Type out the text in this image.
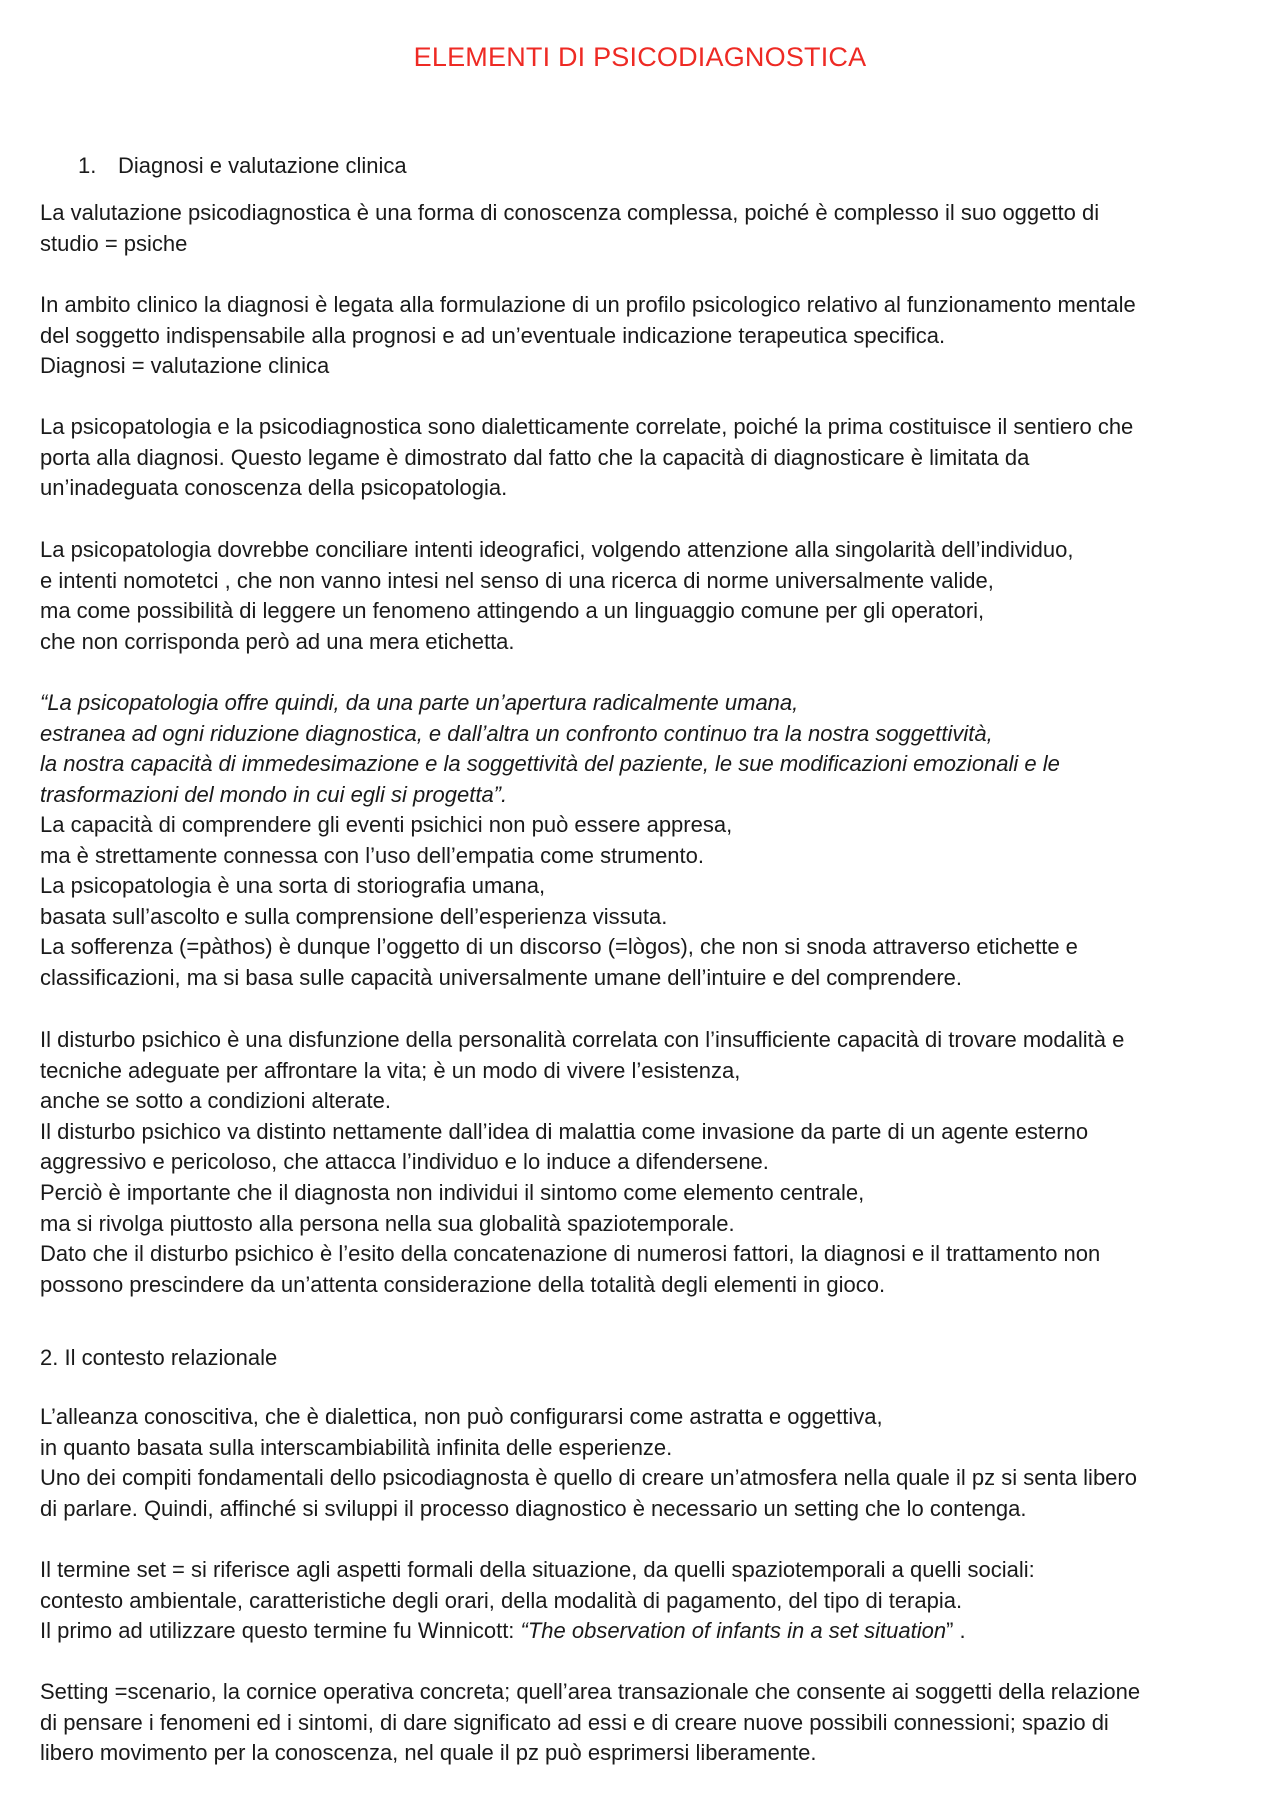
ELEMENTI DI PSICODIAGNOSTICA
1. Diagnosi e valutazione clinica
La valutazione psicodiagnostica è una forma di conoscenza complessa, poiché è complesso il suo oggetto di
studio = psiche
In ambito clinico la diagnosi è legata alla formulazione di un profilo psicologico relativo al funzionamento mentale
del soggetto indispensabile alla prognosi e ad un’eventuale indicazione terapeutica specifica.
Diagnosi = valutazione clinica
La psicopatologia e la psicodiagnostica sono dialetticamente correlate, poiché la prima costituisce il sentiero che
porta alla diagnosi. Questo legame è dimostrato dal fatto che la capacità di diagnosticare è limitata da
un’inadeguata conoscenza della psicopatologia.
La psicopatologia dovrebbe conciliare intenti ideografici, volgendo attenzione alla singolarità dell’individuo,
e intenti nomotetci , che non vanno intesi nel senso di una ricerca di norme universalmente valide,
ma come possibilità di leggere un fenomeno attingendo a un linguaggio comune per gli operatori,
che non corrisponda però ad una mera etichetta.
“La psicopatologia offre quindi, da una parte un’apertura radicalmente umana,
estranea ad ogni riduzione diagnostica, e dall’altra un confronto continuo tra la nostra soggettività,
la nostra capacità di immedesimazione e la soggettività del paziente, le sue modificazioni emozionali e le
trasformazioni del mondo in cui egli si progetta”.
La capacità di comprendere gli eventi psichici non può essere appresa,
ma è strettamente connessa con l’uso dell’empatia come strumento.
La psicopatologia è una sorta di storiografia umana,
basata sull’ascolto e sulla comprensione dell’esperienza vissuta.
La sofferenza (=pàthos) è dunque l’oggetto di un discorso (=lògos), che non si snoda attraverso etichette e
classificazioni, ma si basa sulle capacità universalmente umane dell’intuire e del comprendere.
Il disturbo psichico è una disfunzione della personalità correlata con l’insufficiente capacità di trovare modalità e
tecniche adeguate per affrontare la vita; è un modo di vivere l’esistenza,
anche se sotto a condizioni alterate.
Il disturbo psichico va distinto nettamente dall’idea di malattia come invasione da parte di un agente esterno
aggressivo e pericoloso, che attacca l’individuo e lo induce a difendersene.
Perciò è importante che il diagnosta non individui il sintomo come elemento centrale,
ma si rivolga piuttosto alla persona nella sua globalità spaziotemporale.
Dato che il disturbo psichico è l’esito della concatenazione di numerosi fattori, la diagnosi e il trattamento non
possono prescindere da un’attenta considerazione della totalità degli elementi in gioco.
2. Il contesto relazionale
L’alleanza conoscitiva, che è dialettica, non può configurarsi come astratta e oggettiva,
in quanto basata sulla interscambiabilità infinita delle esperienze.
Uno dei compiti fondamentali dello psicodiagnosta è quello di creare un’atmosfera nella quale il pz si senta libero
di parlare. Quindi, affinché si sviluppi il processo diagnostico è necessario un setting che lo contenga.
Il termine set = si riferisce agli aspetti formali della situazione, da quelli spaziotemporali a quelli sociali:
contesto ambientale, caratteristiche degli orari, della modalità di pagamento, del tipo di terapia.
Il primo ad utilizzare questo termine fu Winnicott: “The observation of infants in a set situation” .
Setting =scenario, la cornice operativa concreta; quell’area transazionale che consente ai soggetti della relazione
di pensare i fenomeni ed i sintomi, di dare significato ad essi e di creare nuove possibili connessioni; spazio di
libero movimento per la conoscenza, nel quale il pz può esprimersi liberamente.
